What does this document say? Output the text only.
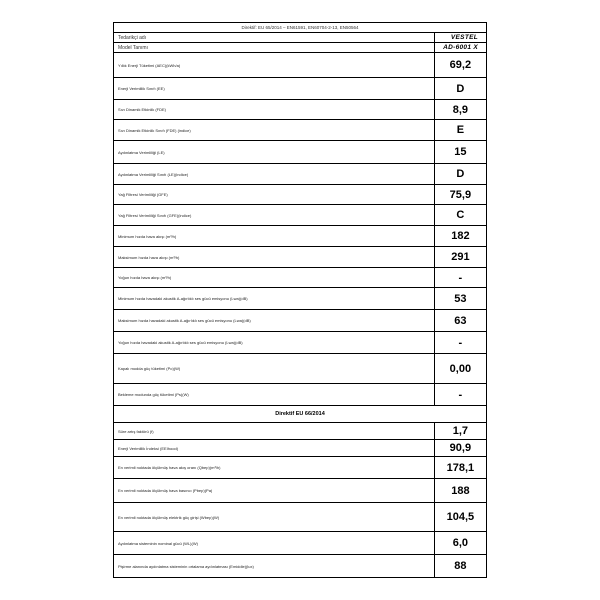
Direktif: EU 65/2014 – EN61591, EN60704-2-13, EN50564	
Tedarikçi adı	VESTEL
Model Tanımı	AD-6001 X
Yıllık Enerji Tüketimi (AEC)(kWh/a)	69,2
Enerji Verimlilik Sınıfı (EE)	D
Sıvı Dinamik Etkinlik (FDE)	8,9
Sıvı Dinamik Etkinlik Sınıfı (FDE) (indice)	E
Aydınlatma Verimliliği (LE)	15
Aydınlatma Verimliliği Sınıfı (LE)(indice)	D
Yağ Filtresi Verimliliği (GFE)	75,9
Yağ Filtresi Verimliliği Sınıfı (GFE)(indice)	C
Minimum hızda hava akışı (m³/h)	182
Maksimum hızda hava akışı (m³/h)	291
Yoğun hızda hava akışı (m³/h)	-
Minimum hızda havadaki akustik A-ağırlıklı ses gücü emisyonu (Lwa)(dB)	53
Maksimum hızda havadaki akustik A-ağırlıklı ses gücü emisyonu (Lwa)(dB)	63
Yoğun hızda havadaki akustik A-ağırlıklı ses gücü emisyonu (Lwa)(dB)	-
Kapalı modda güç tüketimi (Po)(W)	0,00
Bekleme modunda güç tüketimi (Ps)(W)	-
Direktif EU 66/2014	
Süre artış faktörü (f)	1,7
Enerji Verimlilik İndeksi (EEIhood)	90,9
En verimli noktada ölçülmüş hava akış oranı (Qbep)(m³/h)	178,1
En verimli noktada ölçülmüş hava basıncı (Pbep)(Pa)	188
En verimli noktada ölçülmüş elektrik güç girişi (Wbep)(W)	104,5
Aydınlatma sisteminin nominal gücü (WL)(W)	6,0
Pişirme alanında aydınlatma sisteminin ortalama aydınlatması (Emiddle)(lux)	88
